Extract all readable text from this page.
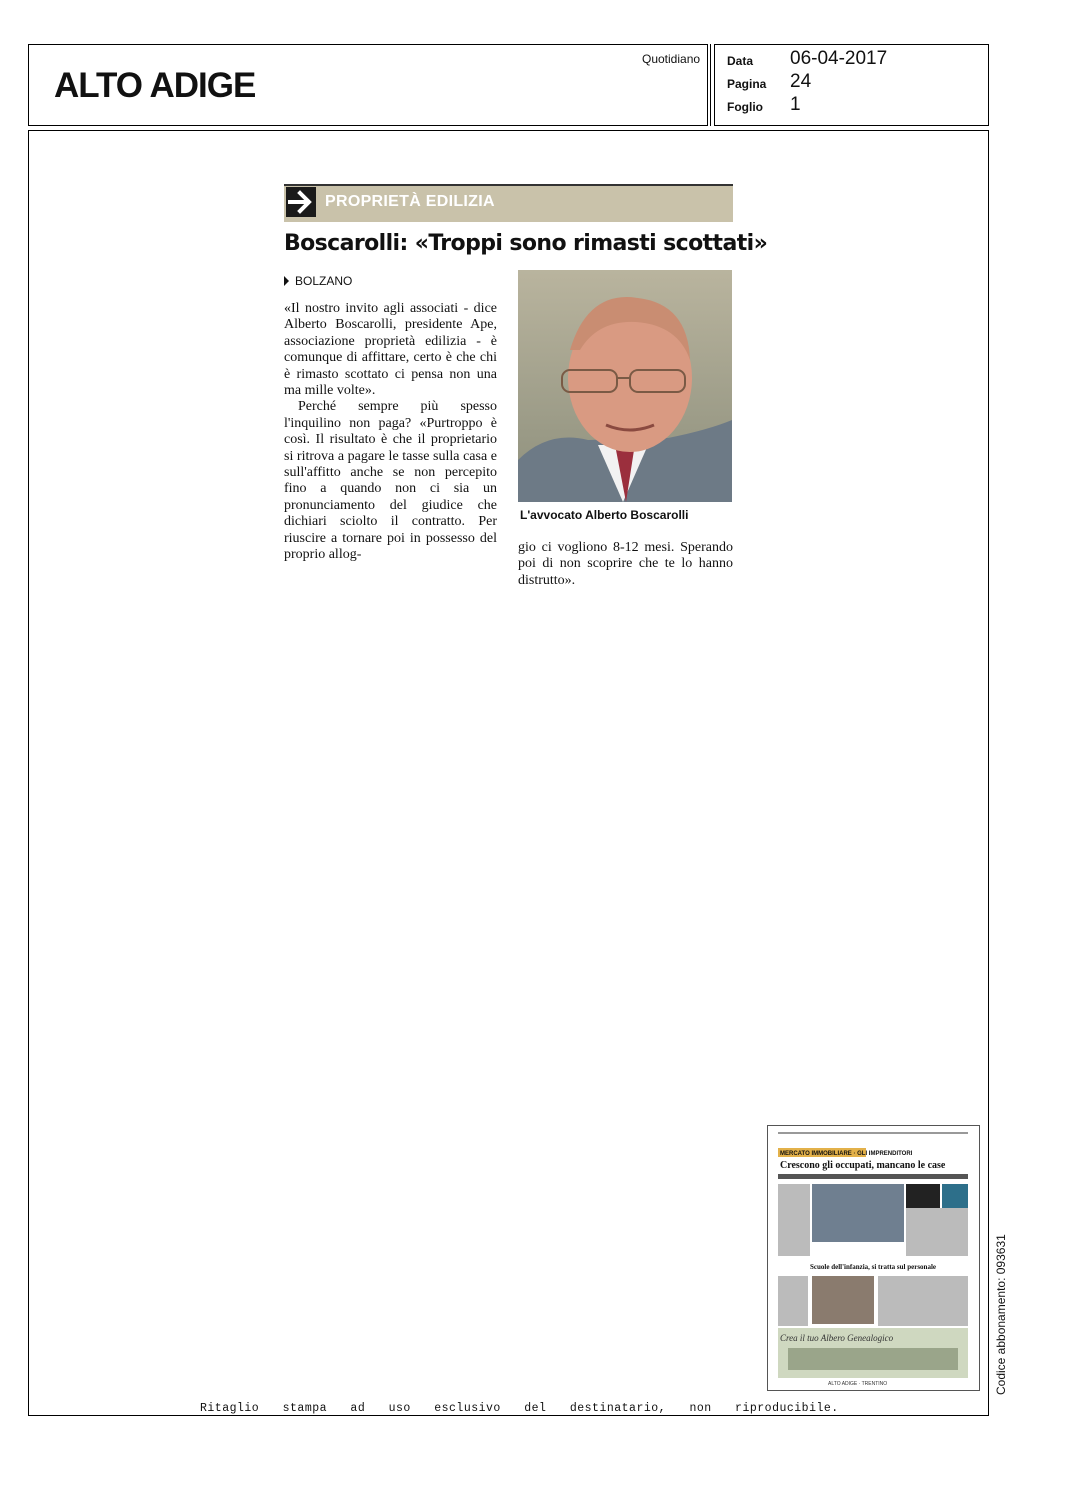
ALTO ADIGE
Quotidiano Data 06-04-2017
Pagina 24
Foglio 1
PROPRIETÀ EDILIZIA
Boscarolli: «Troppi sono rimasti scottati»
BOLZANO

«Il nostro invito agli associati - dice Alberto Boscarolli, presidente Ape, associazione proprietà edilizia - è comunque di affittare, certo è che chi è rimasto scottato ci pensa non una ma mille volte».

Perché sempre più spesso l'inquilino non paga? «Purtroppo è così. Il risultato è che il proprietario si ritrova a pagare le tasse sulla casa e sull'affitto anche se non percepito fino a quando non ci sia un pronunciamento del giudice che dichiari sciolto il contratto. Per riuscire a tornare poi in possesso del proprio allog-

L'avvocato Alberto Boscarolli
gio ci vogliono 8-12 mesi. Sperando poi di non scoprire che te lo hanno distrutto».
MERCATO IMMOBILIARE · GLI IMPRENDITORI
Crescono gli occupati, mancano le case
Scuole dell'infanzia, si tratta sul personale
Crea il tuo Albero Genealogico
ALTO ADIGE · TRENTINO	Codice abbonamento: 093631
Ritaglio stampa ad uso esclusivo del destinatario, non riproducibile.
